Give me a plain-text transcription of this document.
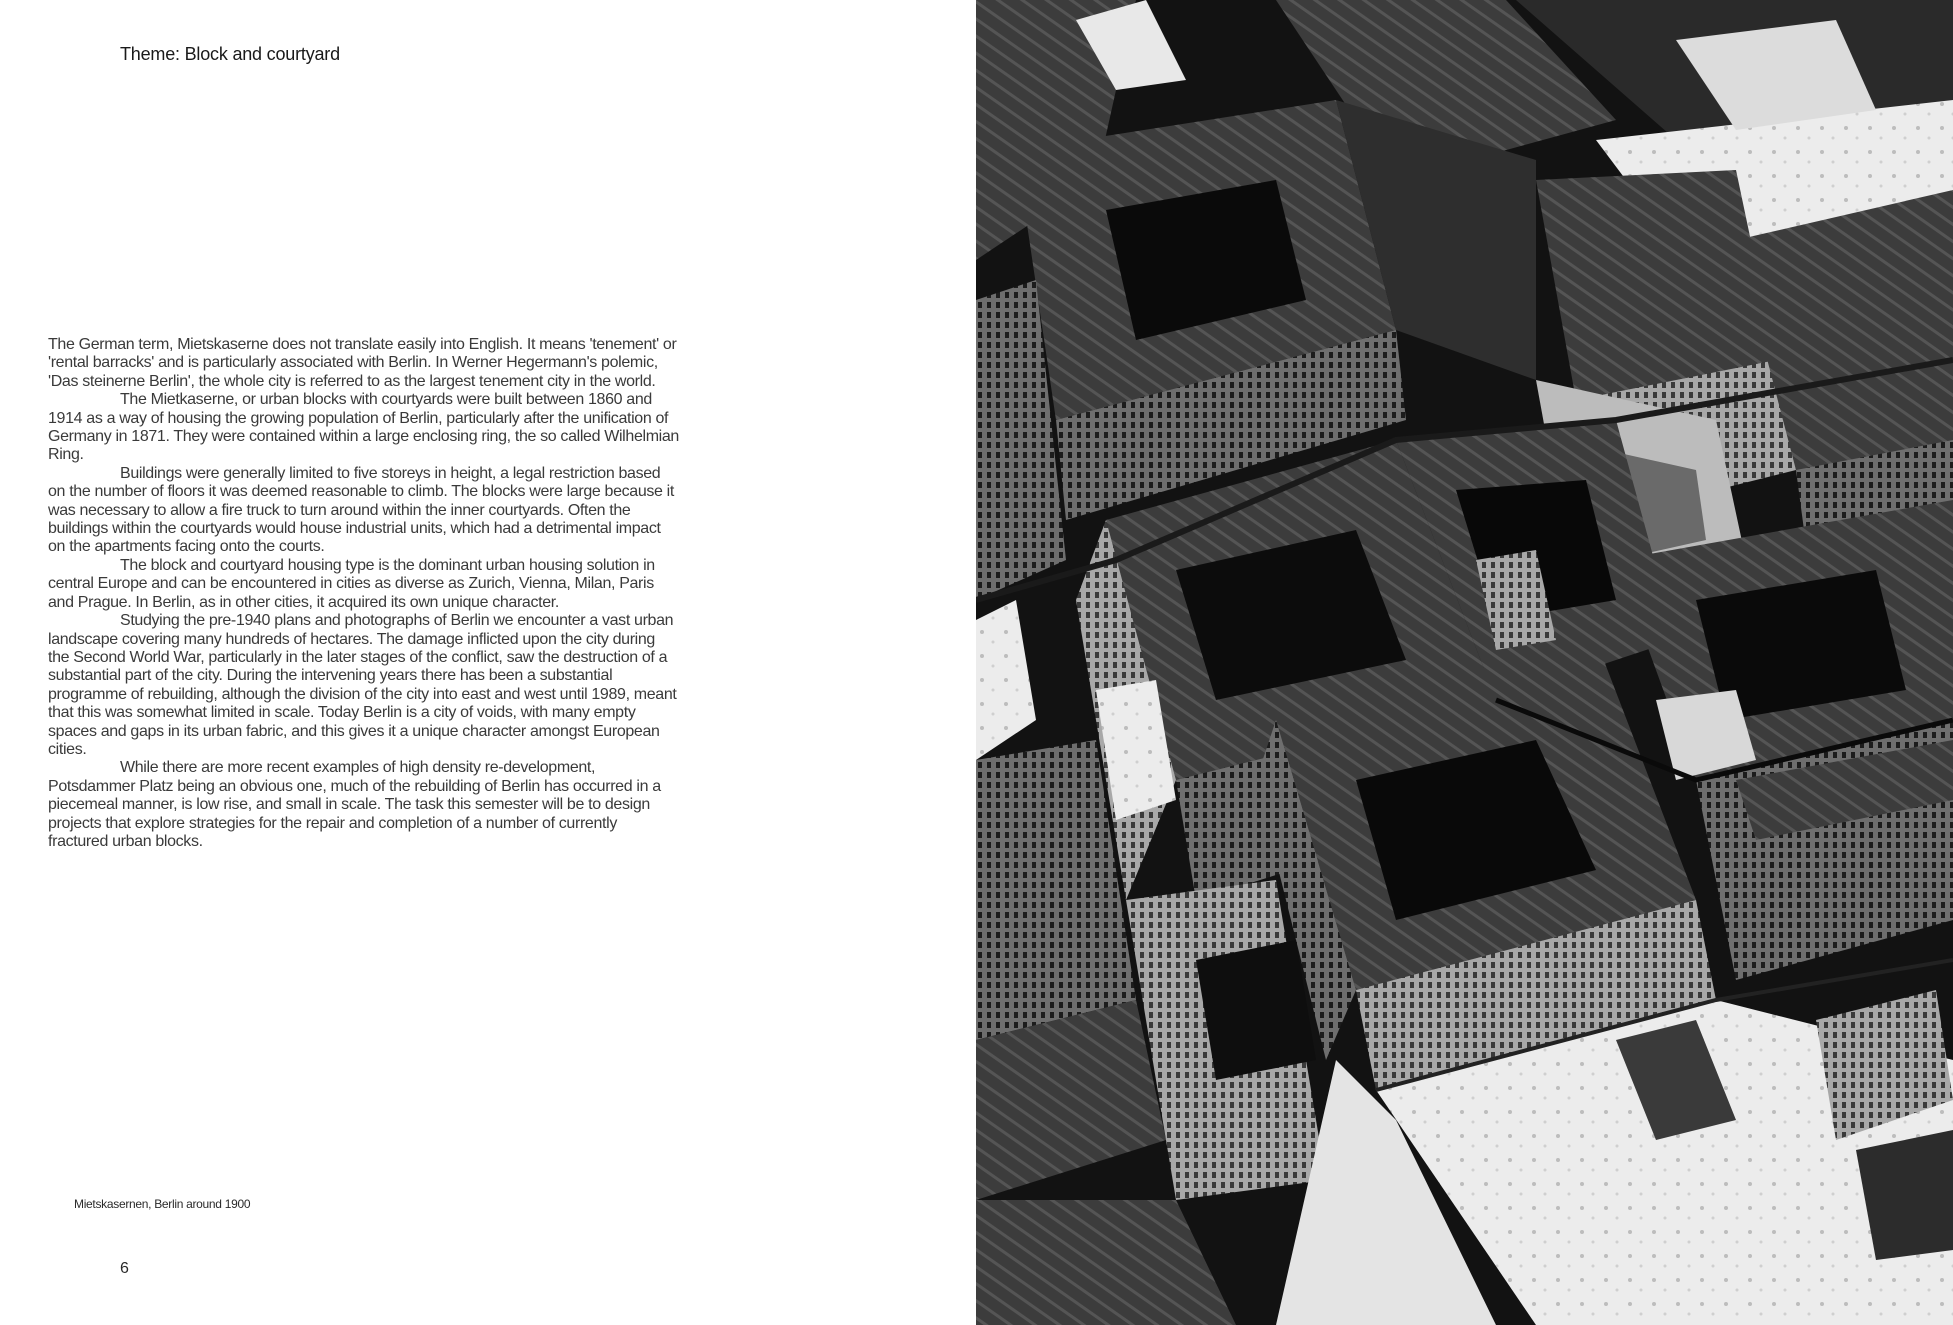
Theme: Block and courtyard

The German term, Mietskaserne does not translate easily into English. It means 'tenement' or 'rental barracks' and is particularly associated with Berlin. In Werner Hegermann's polemic, 'Das steinerne Berlin', the whole city is referred to as the largest tenement city in the world.

The Mietkaserne, or urban blocks with courtyards were built between 1860 and 1914 as a way of housing the growing population of Berlin, particularly after the unification of Germany in 1871. They were contained within a large enclosing ring, the so called Wilhelmian Ring.

Buildings were generally limited to five storeys in height, a legal restriction based on the number of floors it was deemed reasonable to climb. The blocks were large because it was necessary to allow a fire truck to turn around within the inner courtyards. Often the buildings within the courtyards would house industrial units, which had a detrimental impact on the apartments facing onto the courts.

The block and courtyard housing type is the dominant urban housing solution in central Europe and can be encountered in cities as diverse as Zurich, Vienna, Milan, Paris and Prague. In Berlin, as in other cities, it acquired its own unique character.

Studying the pre-1940 plans and photographs of Berlin we encounter a vast urban landscape covering many hundreds of hectares. The damage inflicted upon the city during the Second World War, particularly in the later stages of the conflict, saw the destruction of a substantial part of the city. During the intervening years there has been a substantial programme of rebuilding, although the division of the city into east and west until 1989, meant that this was somewhat limited in scale. Today Berlin is a city of voids, with many empty spaces and gaps in its urban fabric, and this gives it a unique character amongst European cities.

While there are more recent examples of high density re-development, Potsdammer Platz being an obvious one, much of the rebuilding of Berlin has occurred in a piecemeal manner, is low rise, and small in scale. The task this semester will be to design projects that explore strategies for the repair and completion of a number of currently fractured urban blocks.

Mietskasernen, Berlin around 1900
6
